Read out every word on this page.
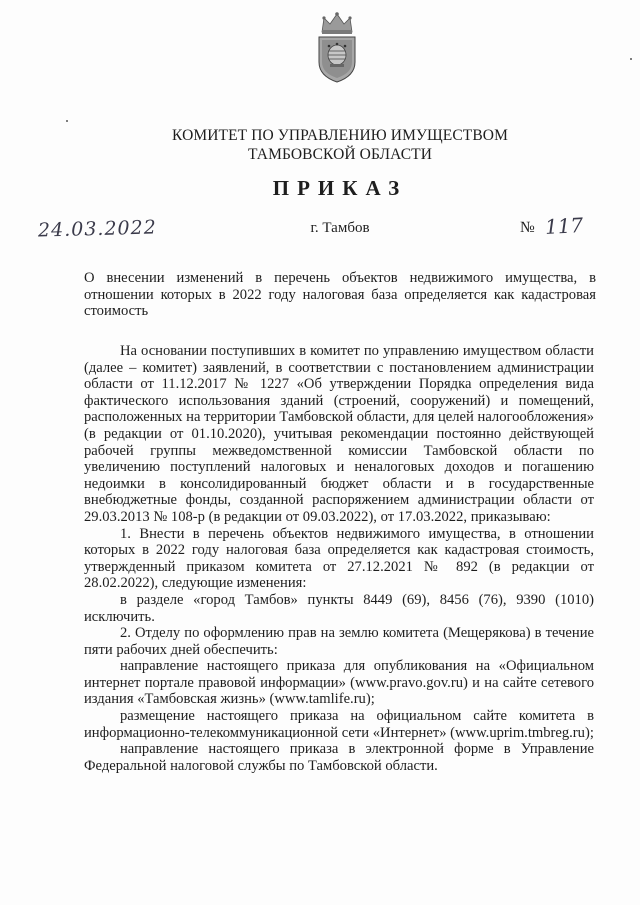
КОМИТЕТ ПО УПРАВЛЕНИЮ ИМУЩЕСТВОМ
ТАМБОВСКОЙ ОБЛАСТИ
ПРИКАЗ
24.03.2022	г. Тамбов	№ 117
О внесении изменений в перечень объектов недвижимого имущества, в отношении которых в 2022 году налоговая база определяется как кадастровая стоимость

На основании поступивших в комитет по управлению имуществом области (далее – комитет) заявлений, в соответствии с постановлением администрации области от 11.12.2017 № 1227 «Об утверждении Порядка определения вида фактического использования зданий (строений, сооружений) и помещений, расположенных на территории Тамбовской области, для целей налогообложения» (в редакции от 01.10.2020), учитывая рекомендации постоянно действующей рабочей группы межведомственной комиссии Тамбовской области по увеличению поступлений налоговых и неналоговых доходов и погашению недоимки в консолидированный бюджет области и в государственные внебюджетные фонды, созданной распоряжением администрации области от 29.03.2013 № 108-р (в редакции от 09.03.2022), от 17.03.2022, приказываю:

1. Внести в перечень объектов недвижимого имущества, в отношении которых в 2022 году налоговая база определяется как кадастровая стоимость, утвержденный приказом комитета от 27.12.2021 № 892 (в редакции от 28.02.2022), следующие изменения:

в разделе «город Тамбов» пункты 8449 (69), 8456 (76), 9390 (1010) исключить.

2. Отделу по оформлению прав на землю комитета (Мещерякова) в течение пяти рабочих дней обеспечить:

направление настоящего приказа для опубликования на «Официальном интернет портале правовой информации» (www.pravo.gov.ru) и на сайте сетевого издания «Тамбовская жизнь» (www.tamlife.ru);

размещение настоящего приказа на официальном сайте комитета в информационно-телекоммуникационной сети «Интернет» (www.uprim.tmbreg.ru);

направление настоящего приказа в электронной форме в Управление Федеральной налоговой службы по Тамбовской области.
